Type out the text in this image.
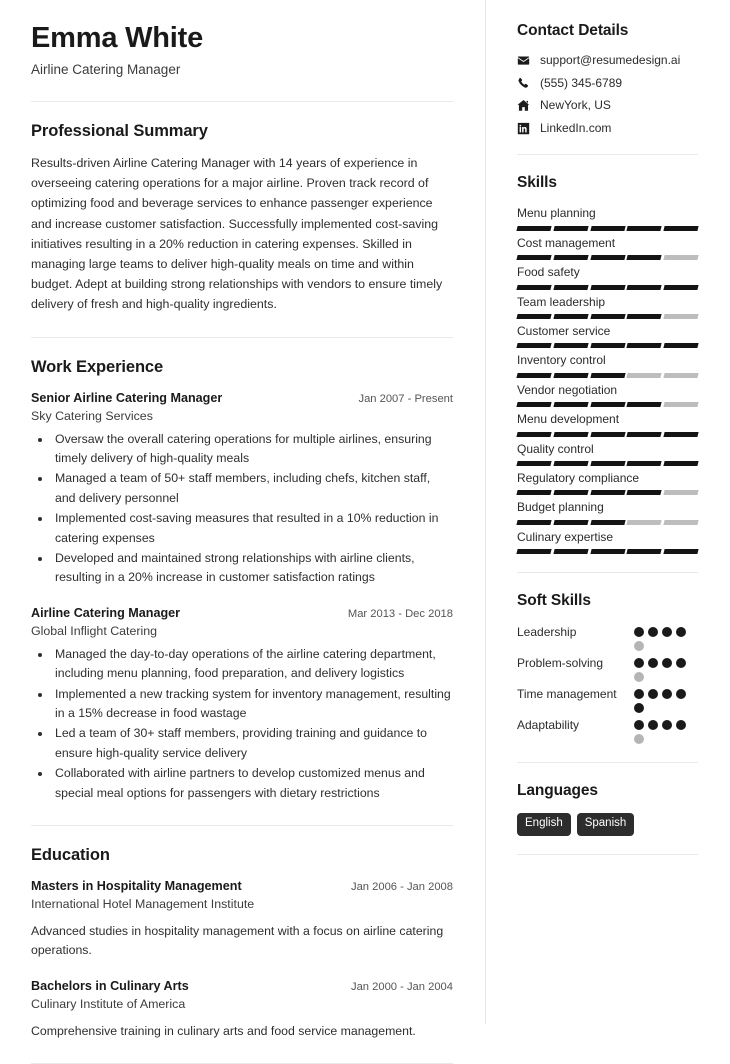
Emma White
Airline Catering Manager
Professional Summary
Results-driven Airline Catering Manager with 14 years of experience in overseeing catering operations for a major airline. Proven track record of optimizing food and beverage services to enhance passenger experience and increase customer satisfaction. Successfully implemented cost-saving initiatives resulting in a 20% reduction in catering expenses. Skilled in managing large teams to deliver high-quality meals on time and within budget. Adept at building strong relationships with vendors to ensure timely delivery of fresh and high-quality ingredients.
Work Experience
Senior Airline Catering Manager	Jan 2007 - Present
Sky Catering Services
• Oversaw the overall catering operations for multiple airlines, ensuring timely delivery of high-quality meals
• Managed a team of 50+ staff members, including chefs, kitchen staff, and delivery personnel
• Implemented cost-saving measures that resulted in a 10% reduction in catering expenses
• Developed and maintained strong relationships with airline clients, resulting in a 20% increase in customer satisfaction ratings
Airline Catering Manager	Mar 2013 - Dec 2018
Global Inflight Catering
• Managed the day-to-day operations of the airline catering department, including menu planning, food preparation, and delivery logistics
• Implemented a new tracking system for inventory management, resulting in a 15% decrease in food wastage
• Led a team of 30+ staff members, providing training and guidance to ensure high-quality service delivery
• Collaborated with airline partners to develop customized menus and special meal options for passengers with dietary restrictions
Education
Masters in Hospitality Management	Jan 2006 - Jan 2008
International Hotel Management Institute
Advanced studies in hospitality management with a focus on airline catering operations.
Bachelors in Culinary Arts	Jan 2000 - Jan 2004
Culinary Institute of America
Comprehensive training in culinary arts and food service management.
Contact Details
support@resumedesign.ai
(555) 345-6789
NewYork, US
LinkedIn.com
Skills
Menu planning
Cost management
Food safety
Team leadership
Customer service
Inventory control
Vendor negotiation
Menu development
Quality control
Regulatory compliance
Budget planning
Culinary expertise
Soft Skills
Leadership
Problem-solving
Time management
Adaptability
Languages
English	Spanish
